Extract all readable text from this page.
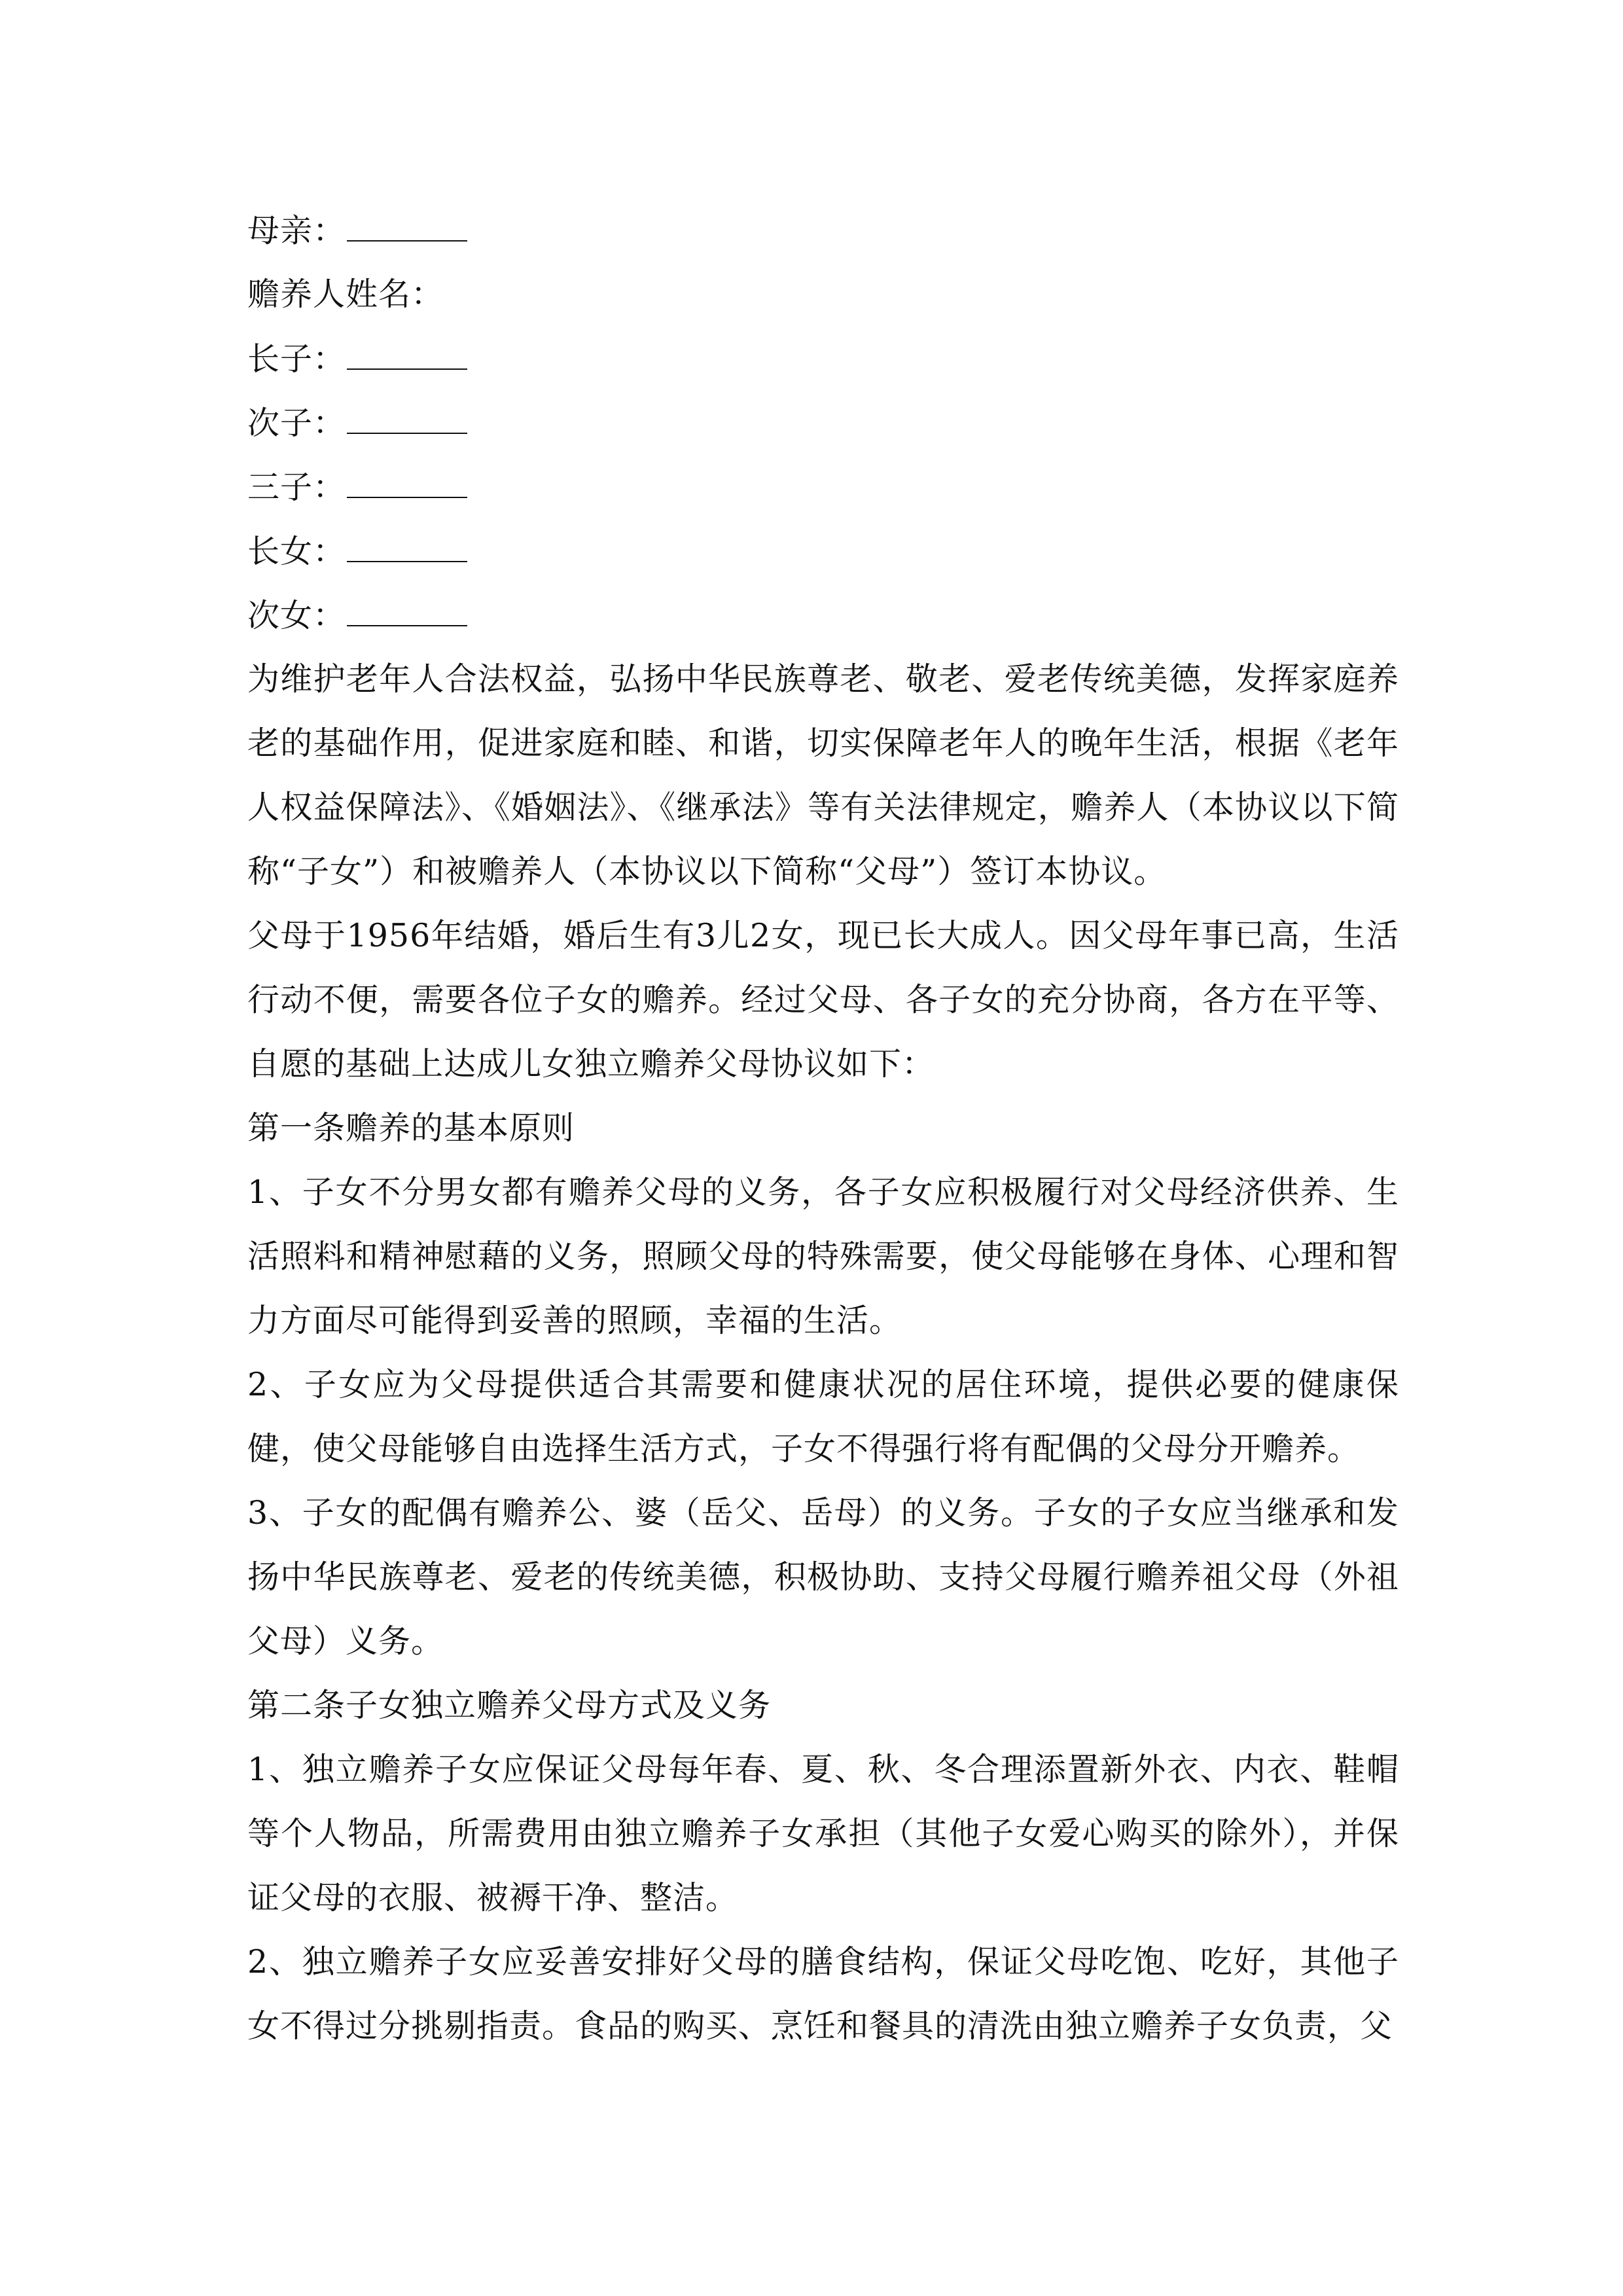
母亲：
赡养人姓名：
长子：
次子：
三子：
长女：
次女：
为维护老年人合法权益，弘扬中华民族尊老、敬老、爱老传统美德，发挥家庭养老的基础作用，促进家庭和睦、和谐，切实保障老年人的晚年生活，根据《老年人权益保障法》、《婚姻法》、《继承法》等有关法律规定，赡养人（本协议以下简称“子女”）和被赡养人（本协议以下简称“父母”）签订本协议。
父母于1956年结婚，婚后生有3儿2女，现已长大成人。因父母年事已高，生活行动不便，需要各位子女的赡养。经过父母、各子女的充分协商，各方在平等、自愿的基础上达成儿女独立赡养父母协议如下：
第一条赡养的基本原则
1、子女不分男女都有赡养父母的义务，各子女应积极履行对父母经济供养、生活照料和精神慰藉的义务，照顾父母的特殊需要，使父母能够在身体、心理和智力方面尽可能得到妥善的照顾，幸福的生活。
2、子女应为父母提供适合其需要和健康状况的居住环境，提供必要的健康保健，使父母能够自由选择生活方式，子女不得强行将有配偶的父母分开赡养。
3、子女的配偶有赡养公、婆（岳父、岳母）的义务。子女的子女应当继承和发扬中华民族尊老、爱老的传统美德，积极协助、支持父母履行赡养祖父母（外祖父母）义务。
第二条子女独立赡养父母方式及义务
1、独立赡养子女应保证父母每年春、夏、秋、冬合理添置新外衣、内衣、鞋帽等个人物品，所需费用由独立赡养子女承担（其他子女爱心购买的除外），并保证父母的衣服、被褥干净、整洁。
2、独立赡养子女应妥善安排好父母的膳食结构，保证父母吃饱、吃好，其他子女不得过分挑剔指责。食品的购买、烹饪和餐具的清洗由独立赡养子女负责，父
